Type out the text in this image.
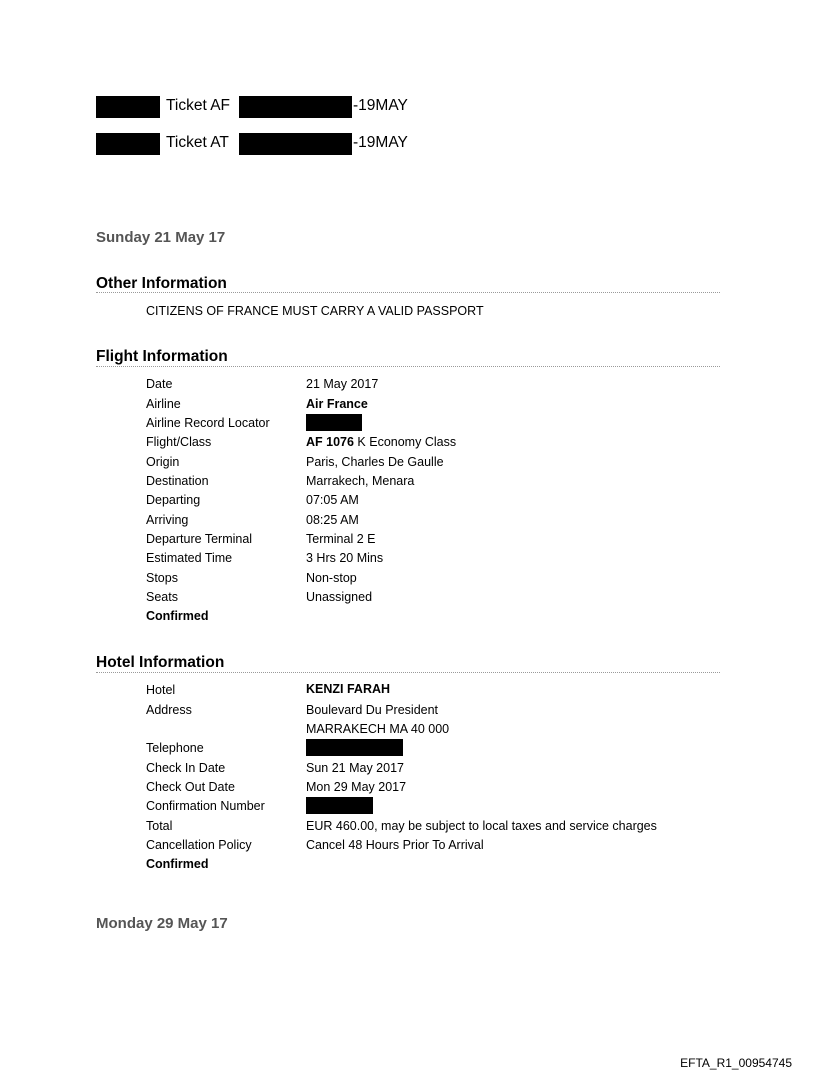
Ticket AF	-19MAY
Ticket AT	-19MAY
Sunday 21 May 17
Other Information
CITIZENS OF FRANCE MUST CARRY A VALID PASSPORT
Flight Information
Date	21 May 2017
Airline	Air France
Airline Record Locator
Flight/Class	AF 1076 K Economy Class
Origin	Paris, Charles De Gaulle
Destination	Marrakech, Menara
Departing	07:05 AM
Arriving	08:25 AM
Departure Terminal	Terminal 2 E
Estimated Time	3 Hrs 20 Mins
Stops	Non-stop
Seats	Unassigned
Confirmed
Hotel Information
Hotel	KENZI FARAH
Address	Boulevard Du President
MARRAKECH MA 40 000
Telephone
Check In Date	Sun 21 May 2017
Check Out Date	Mon 29 May 2017
Confirmation Number
Total	EUR 460.00, may be subject to local taxes and service charges
Cancellation Policy	Cancel 48 Hours Prior To Arrival
Confirmed
Monday 29 May 17
EFTA_R1_00954745
